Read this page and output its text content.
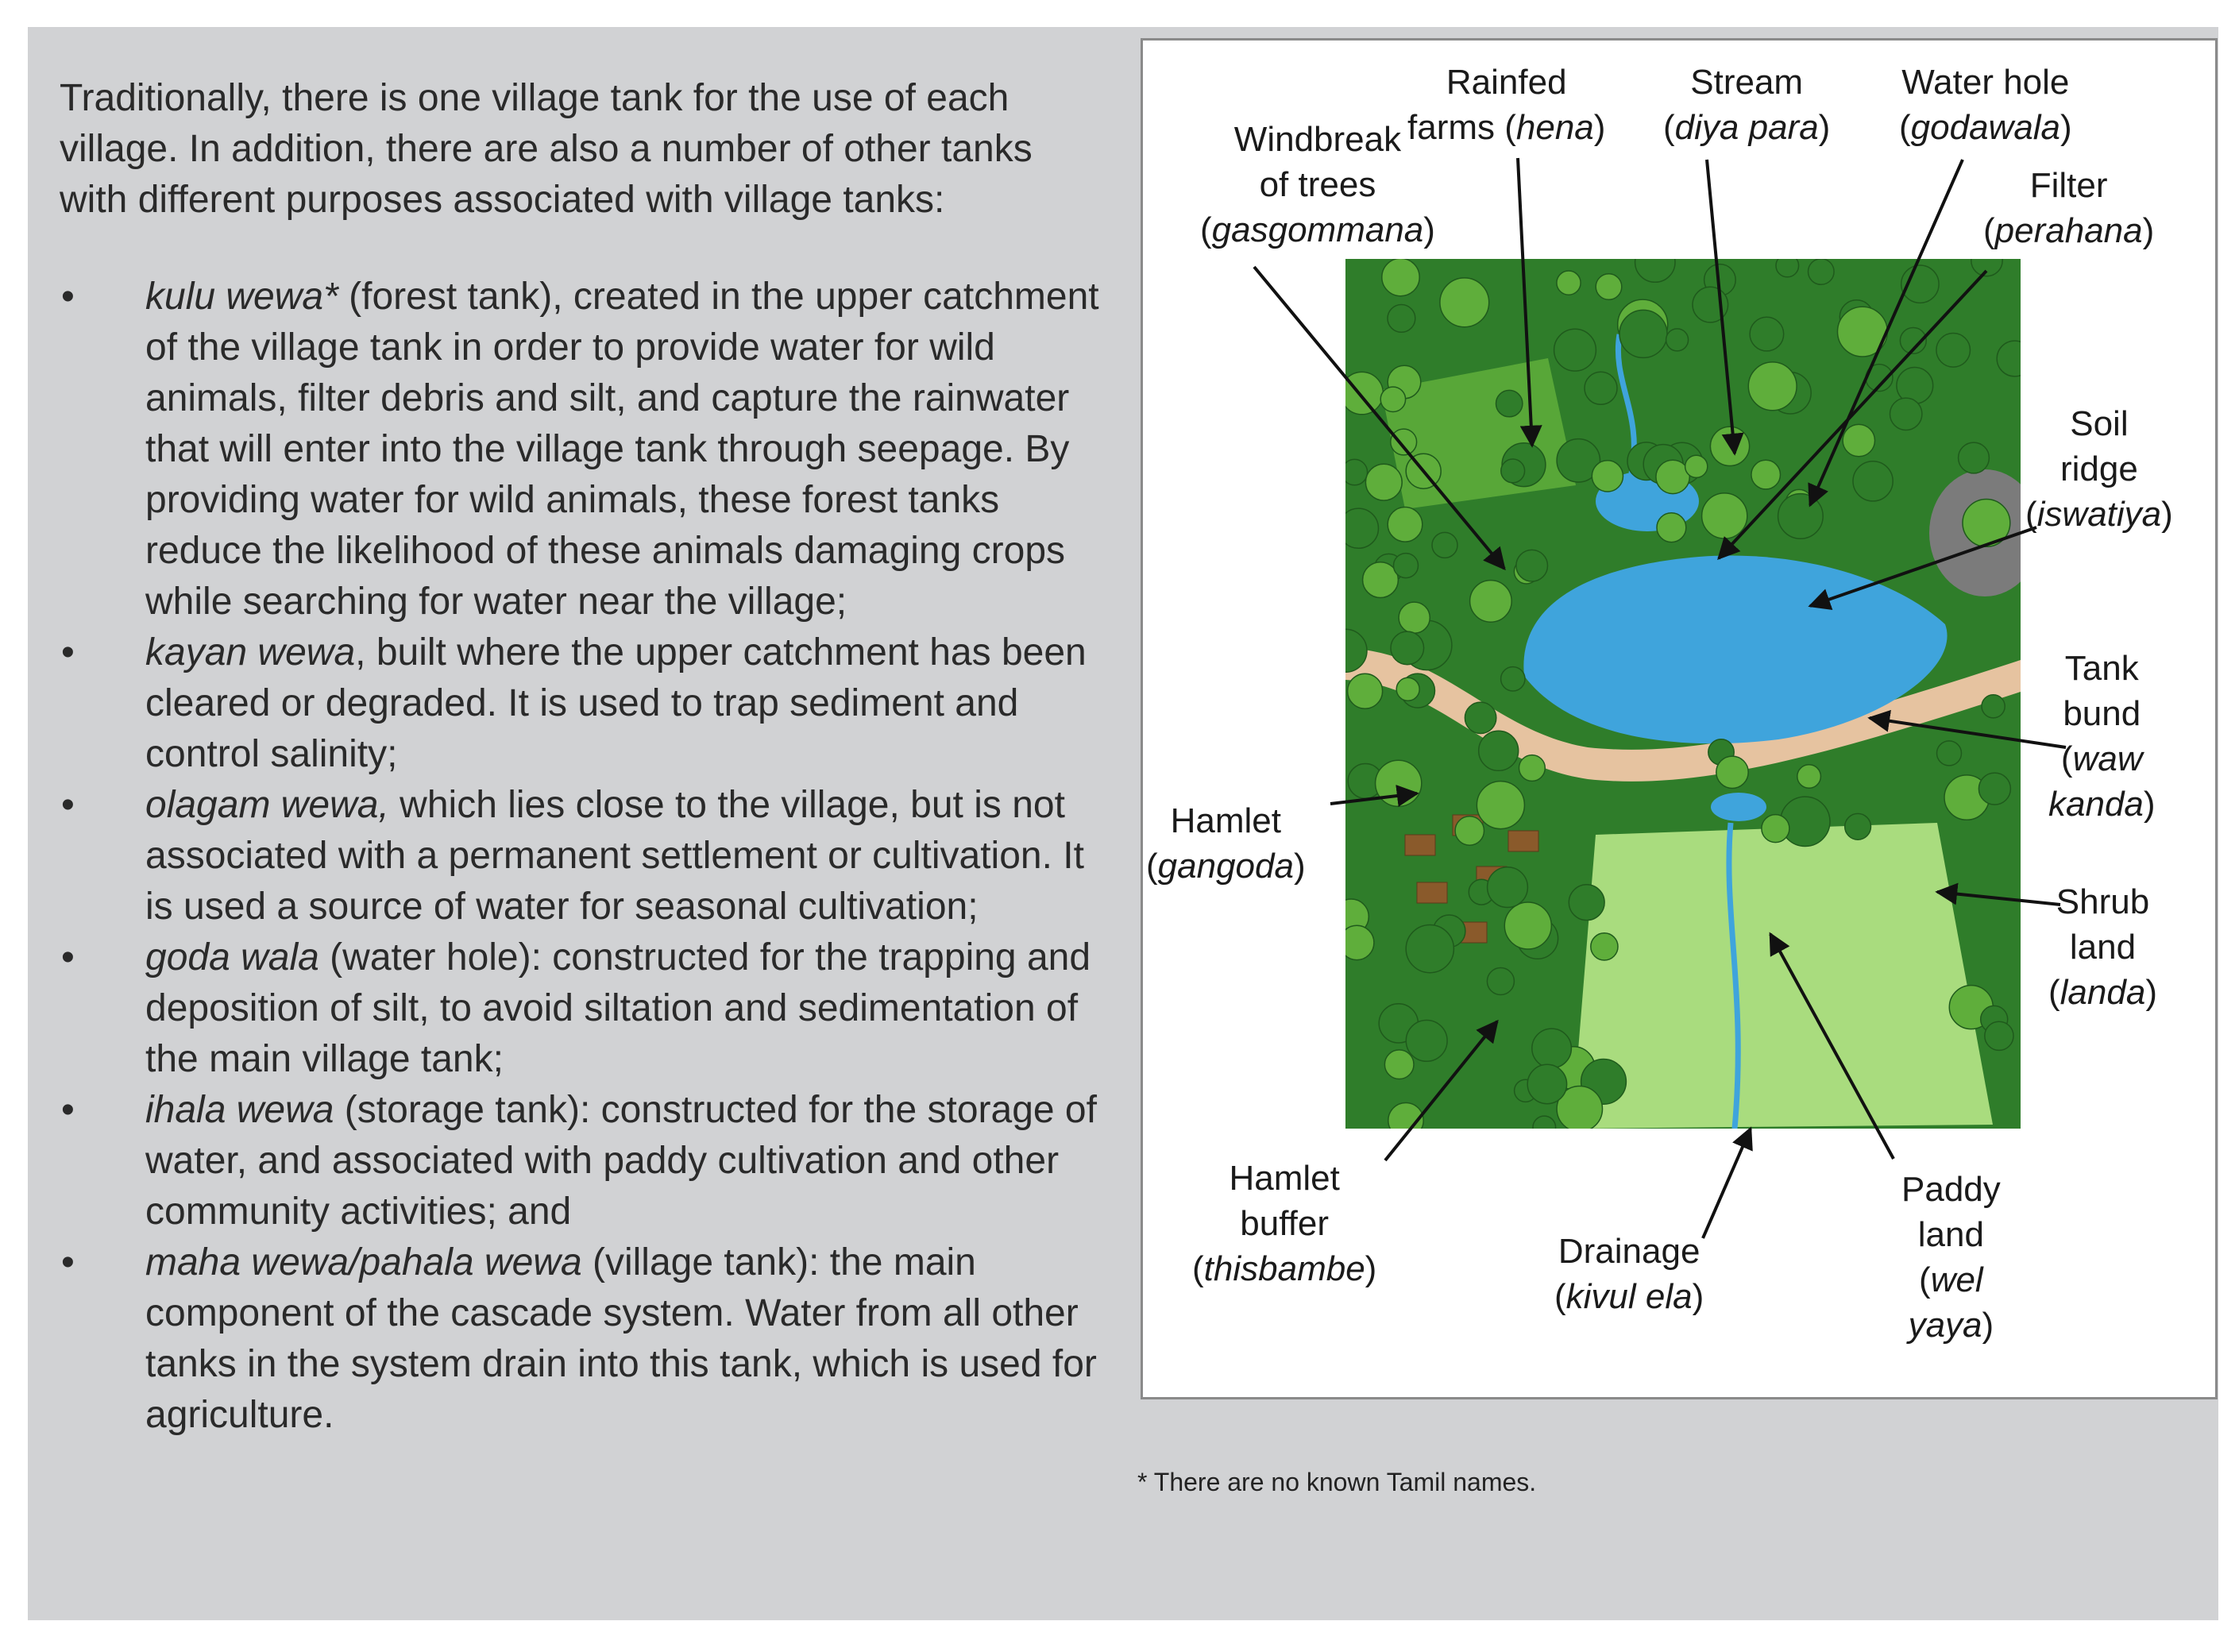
Traditionally, there is one village tank for the use of each village. In addition, there are also a number of other tanks with different purposes associated with village tanks:

• kulu wewa* (forest tank), created in the upper catchment of the village tank in order to provide water for wild animals, filter debris and silt, and capture the rainwater that will enter into the village tank through seepage. By providing water for wild animals, these forest tanks reduce the likelihood of these animals damaging crops while searching for water near the village;
• kayan wewa, built where the upper catchment has been cleared or degraded. It is used to trap sediment and control salinity;
• olagam wewa, which lies close to the village, but is not associated with a permanent settlement or cultivation. It is used a source of water for seasonal cultivation;
• goda wala (water hole): constructed for the trapping and deposition of silt, to avoid siltation and sedimentation of the main village tank;
• ihala wewa (storage tank): constructed for the storage of water, and associated with paddy cultivation and other community activities; and
• maha wewa/pahala wewa (village tank): the main component of the cascade system. Water from all other tanks in the system drain into this tank, which is used for agriculture.
Windbreak
of trees
(gasgommana)
Rainfed
farms (hena)
Stream
(diya para)
Water hole
(godawala)
Filter
(perahana)
Soil
ridge
(iswatiya)
Tank
bund
(waw
kanda)
Hamlet
(gangoda)
Shrub
land
(landa)
Hamlet
buffer
(thisbambe)	Drainage
(kivul ela)
Paddy
land
(wel
yaya)
* There are no known Tamil names.
